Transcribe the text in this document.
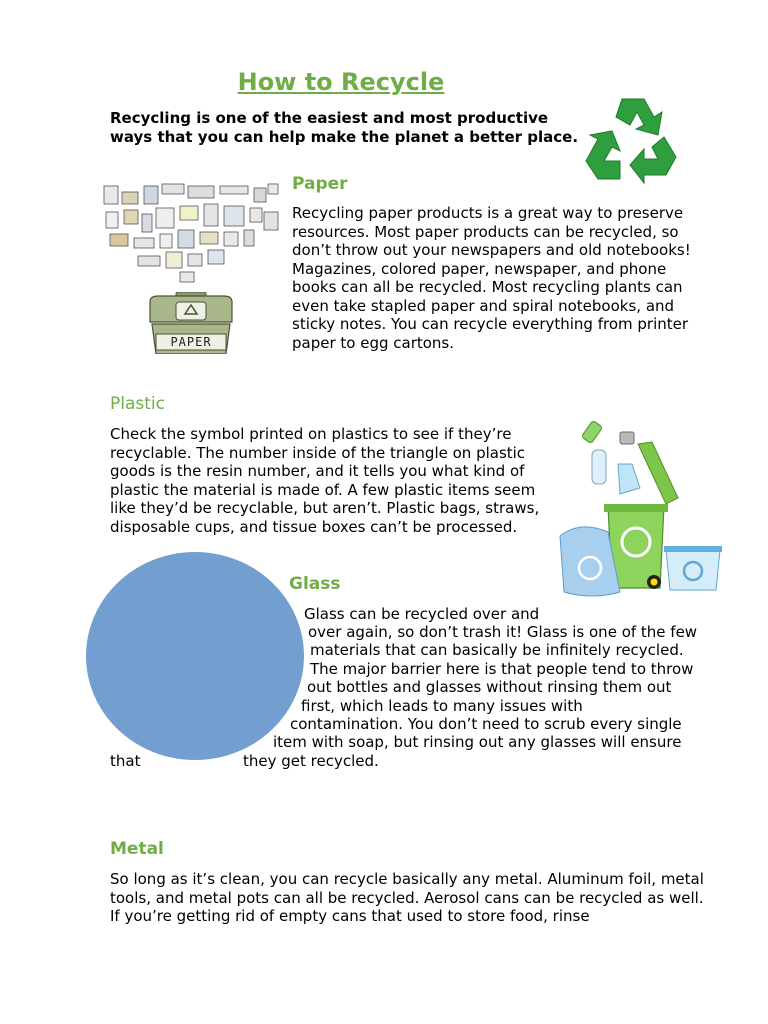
How to Recycle
Recycling is one of the easiest and most productive ways that you can help make the planet a better place.
PAPER
Paper
Recycling paper products is a great way to preserve resources. Most paper products can be recycled, so don’t throw out your newspapers and old notebooks! Magazines, colored paper, newspaper, and phone books can all be recycled. Most recycling plants can even take stapled paper and spiral notebooks, and sticky notes. You can recycle everything from printer paper to egg cartons.
Plastic
Check the symbol printed on plastics to see if they’re recyclable. The number inside of the triangle on plastic goods is the resin number, and it tells you what kind of plastic the material is made of. A few plastic items seem like they’d be recyclable, but aren’t. Plastic bags, straws, disposable cups, and tissue boxes can’t be processed.
Glass
Glass can be recycled over and
over again, so don’t trash it! Glass is one of the few
materials that can basically be infinitely recycled.
The major barrier here is that people tend to throw
out bottles and glasses without rinsing them out
first, which leads to many issues with
contamination. You don’t need to scrub every single
item with soap, but rinsing out any glasses will ensure
that	they get recycled.
Metal
So long as it’s clean, you can recycle basically any metal. Aluminum foil, metal tools, and metal pots can all be recycled. Aerosol cans can be recycled as well. If you’re getting rid of empty cans that used to store food, rinse
